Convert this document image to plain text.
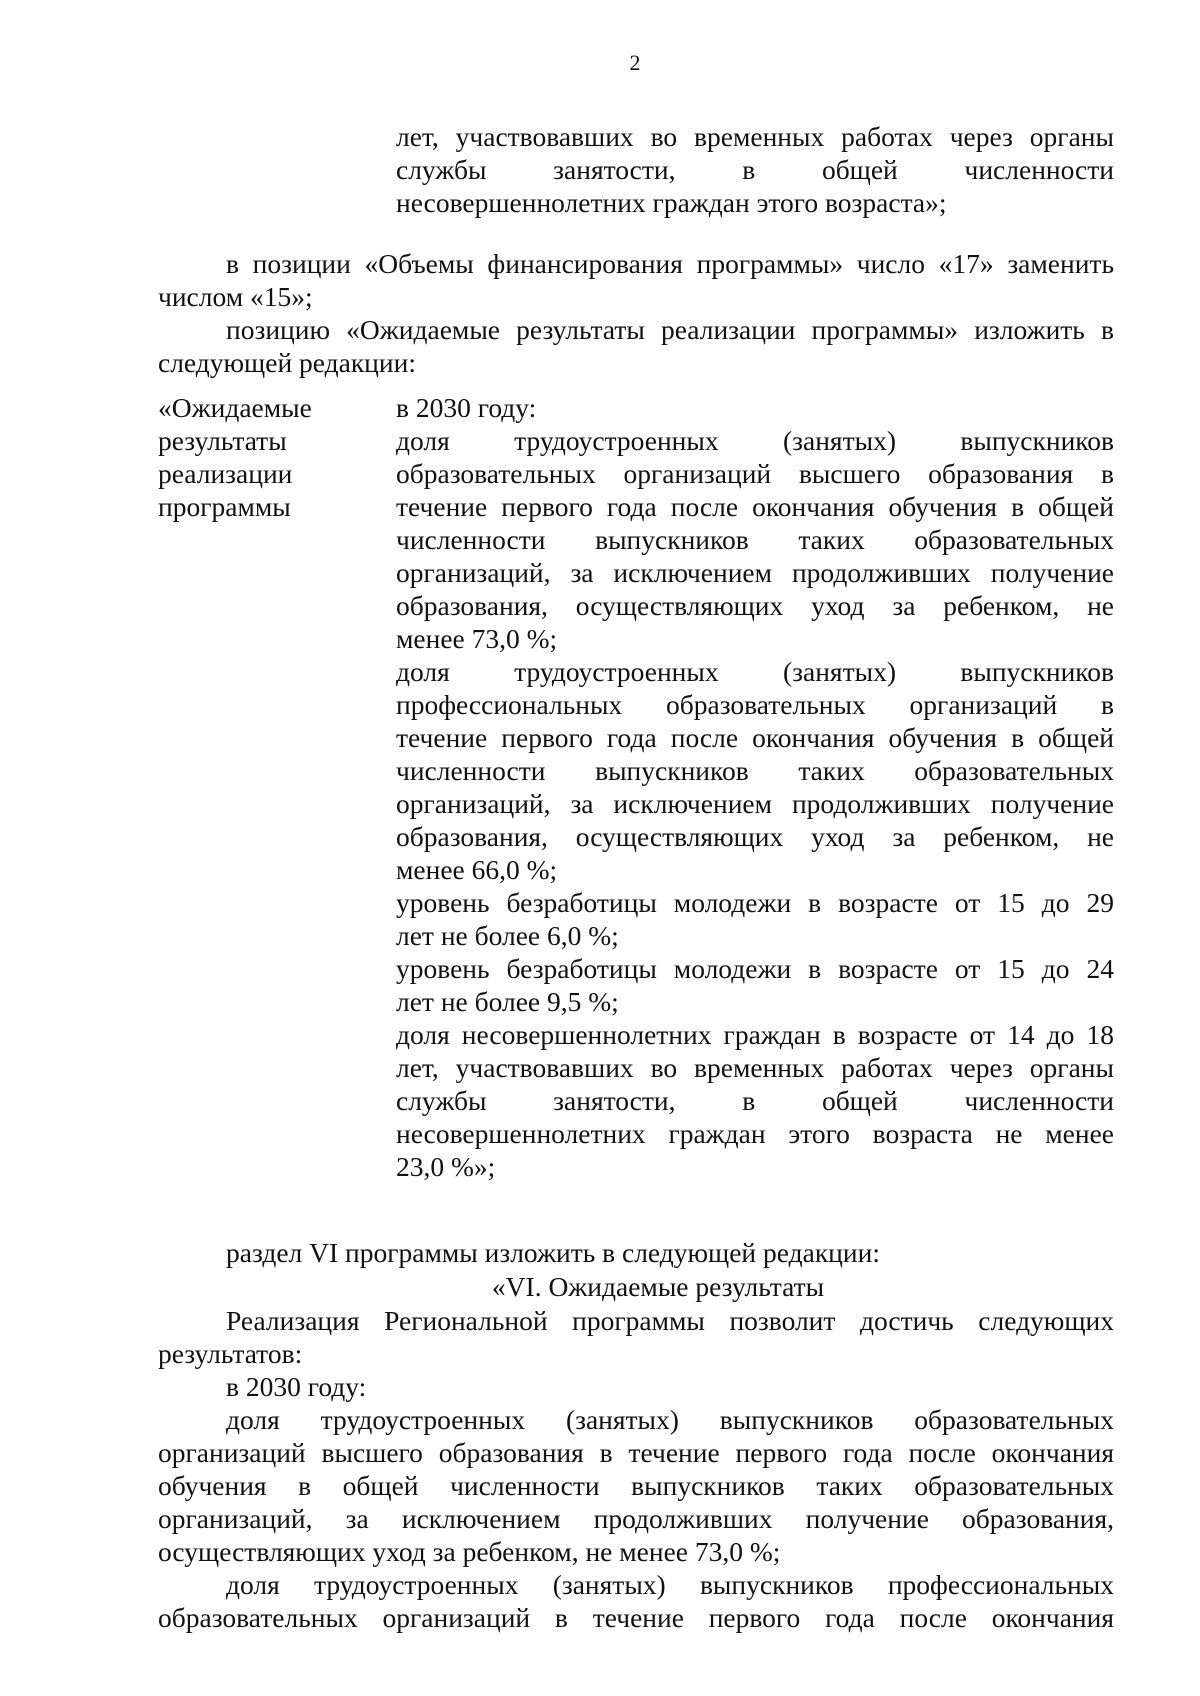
2
лет, участвовавших во временных работах через органы
службы занятости, в общей численности
несовершеннолетних граждан этого возраста»;
в позиции «Объемы финансирования программы» число «17» заменить
числом «15»;
позицию «Ожидаемые результаты реализации программы» изложить в
следующей редакции:
«Ожидаемые
результаты
реализации
программы
в 2030 году:
доля трудоустроенных (занятых) выпускников
образовательных организаций высшего образования в
течение первого года после окончания обучения в общей
численности выпускников таких образовательных
организаций, за исключением продолживших получение
образования, осуществляющих уход за ребенком, не
менее 73,0 %;
доля трудоустроенных (занятых) выпускников
профессиональных образовательных организаций в
течение первого года после окончания обучения в общей
численности выпускников таких образовательных
организаций, за исключением продолживших получение
образования, осуществляющих уход за ребенком, не
менее 66,0 %;
уровень безработицы молодежи в возрасте от 15 до 29
лет не более 6,0 %;
уровень безработицы молодежи в возрасте от 15 до 24
лет не более 9,5 %;
доля несовершеннолетних граждан в возрасте от 14 до 18
лет, участвовавших во временных работах через органы
службы занятости, в общей численности
несовершеннолетних граждан этого возраста не менее
23,0 %»;
раздел VI программы изложить в следующей редакции:
«VI. Ожидаемые результаты
Реализация Региональной программы позволит достичь следующих
результатов:
в 2030 году:
доля трудоустроенных (занятых) выпускников образовательных
организаций высшего образования в течение первого года после окончания
обучения в общей численности выпускников таких образовательных
организаций, за исключением продолживших получение образования,
осуществляющих уход за ребенком, не менее 73,0 %;
доля трудоустроенных (занятых) выпускников профессиональных
образовательных организаций в течение первого года после окончания
